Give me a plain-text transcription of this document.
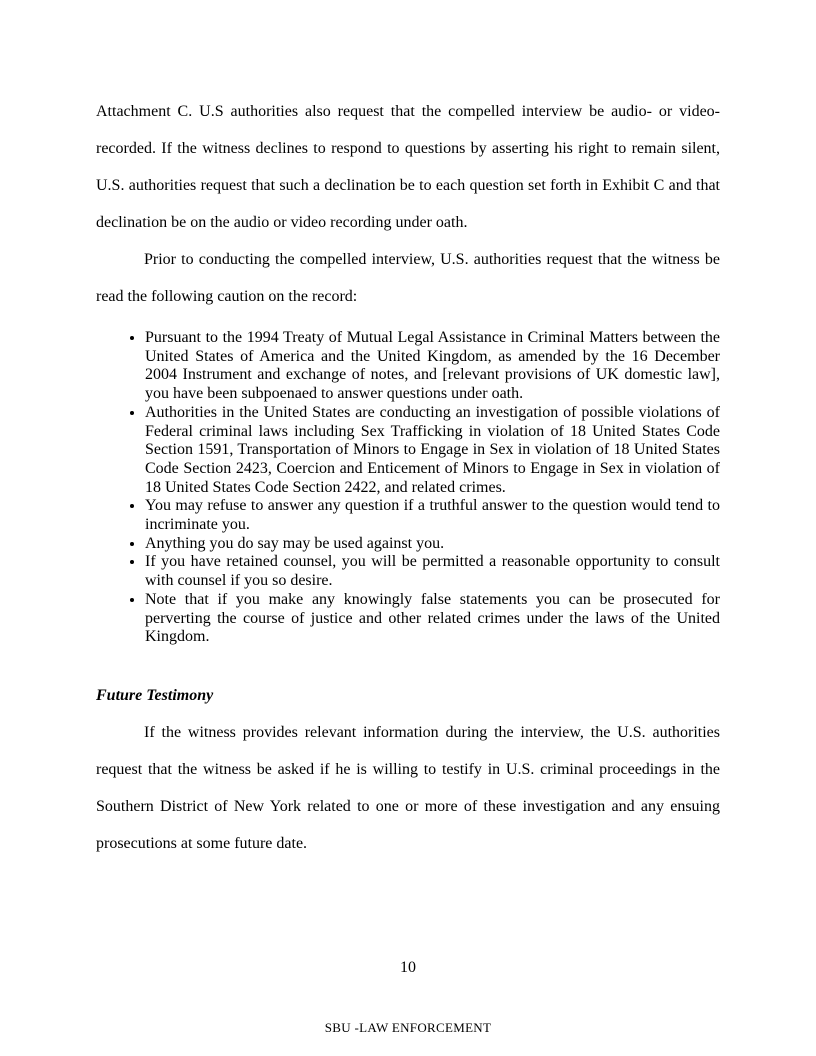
Attachment C. U.S authorities also request that the compelled interview be audio- or video-recorded. If the witness declines to respond to questions by asserting his right to remain silent, U.S. authorities request that such a declination be to each question set forth in Exhibit C and that declination be on the audio or video recording under oath.

Prior to conducting the compelled interview, U.S. authorities request that the witness be read the following caution on the record:

• Pursuant to the 1994 Treaty of Mutual Legal Assistance in Criminal Matters between the United States of America and the United Kingdom, as amended by the 16 December 2004 Instrument and exchange of notes, and [relevant provisions of UK domestic law], you have been subpoenaed to answer questions under oath.
• Authorities in the United States are conducting an investigation of possible violations of Federal criminal laws including Sex Trafficking in violation of 18 United States Code Section 1591, Transportation of Minors to Engage in Sex in violation of 18 United States Code Section 2423, Coercion and Enticement of Minors to Engage in Sex in violation of 18 United States Code Section 2422, and related crimes.
• You may refuse to answer any question if a truthful answer to the question would tend to incriminate you.
• Anything you do say may be used against you.
• If you have retained counsel, you will be permitted a reasonable opportunity to consult with counsel if you so desire.
• Note that if you make any knowingly false statements you can be prosecuted for perverting the course of justice and other related crimes under the laws of the United Kingdom.
Future Testimony

If the witness provides relevant information during the interview, the U.S. authorities request that the witness be asked if he is willing to testify in U.S. criminal proceedings in the Southern District of New York related to one or more of these investigation and any ensuing prosecutions at some future date.

10
SBU -LAW ENFORCEMENT
